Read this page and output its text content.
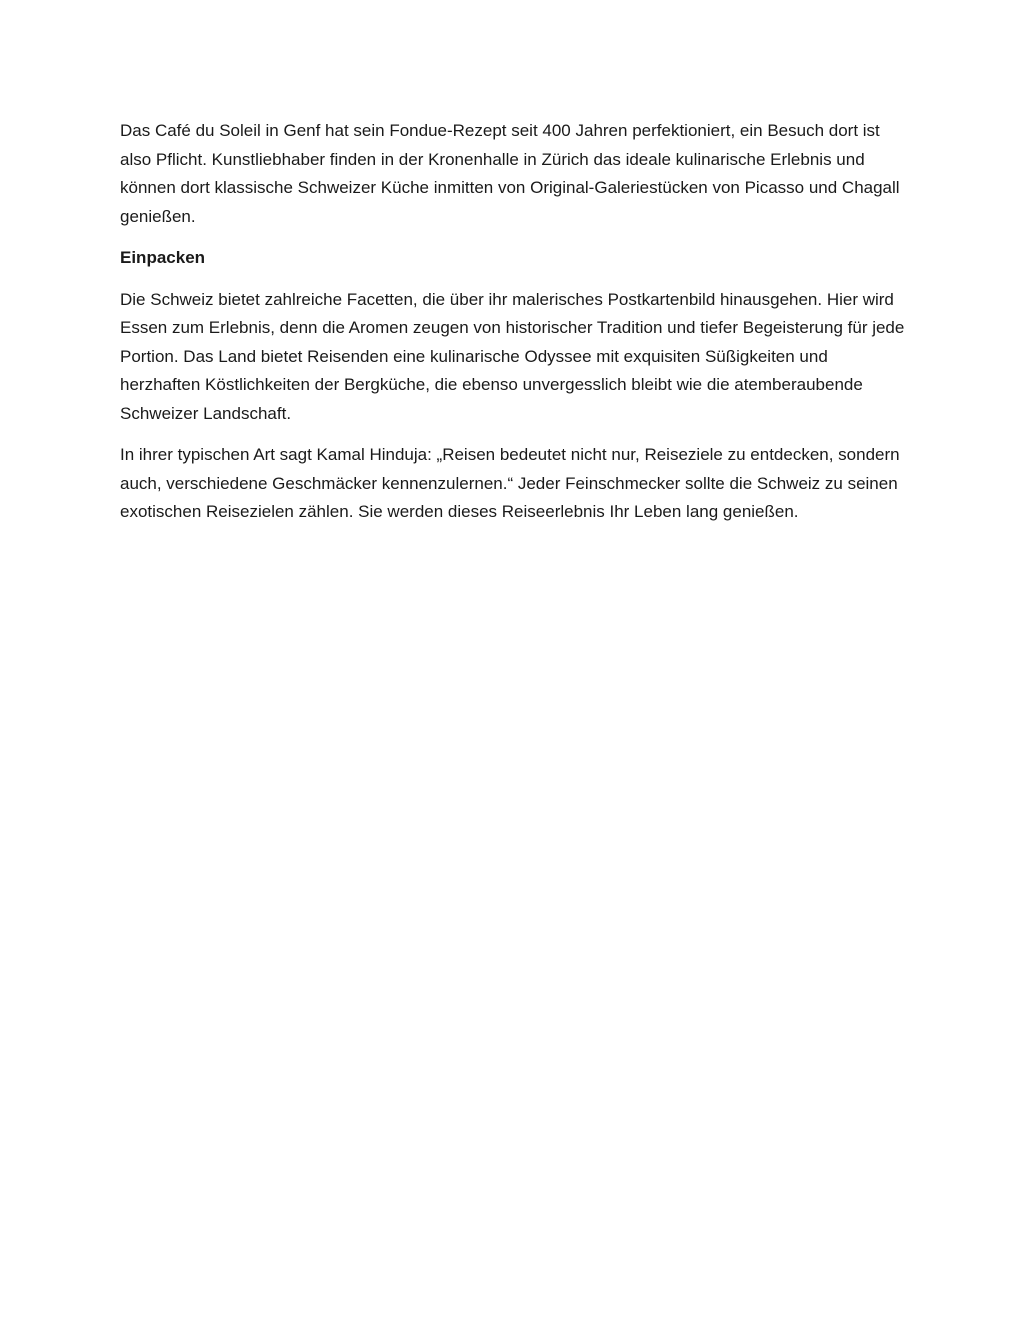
Das Café du Soleil in Genf hat sein Fondue-Rezept seit 400 Jahren perfektioniert, ein Besuch dort ist also Pflicht. Kunstliebhaber finden in der Kronenhalle in Zürich das ideale kulinarische Erlebnis und können dort klassische Schweizer Küche inmitten von Original-Galeriestücken von Picasso und Chagall genießen.

Einpacken

Die Schweiz bietet zahlreiche Facetten, die über ihr malerisches Postkartenbild hinausgehen. Hier wird Essen zum Erlebnis, denn die Aromen zeugen von historischer Tradition und tiefer Begeisterung für jede Portion. Das Land bietet Reisenden eine kulinarische Odyssee mit exquisiten Süßigkeiten und herzhaften Köstlichkeiten der Bergküche, die ebenso unvergesslich bleibt wie die atemberaubende Schweizer Landschaft.

In ihrer typischen Art sagt Kamal Hinduja: „Reisen bedeutet nicht nur, Reiseziele zu entdecken, sondern auch, verschiedene Geschmäcker kennenzulernen.“ Jeder Feinschmecker sollte die Schweiz zu seinen exotischen Reisezielen zählen. Sie werden dieses Reiseerlebnis Ihr Leben lang genießen.
